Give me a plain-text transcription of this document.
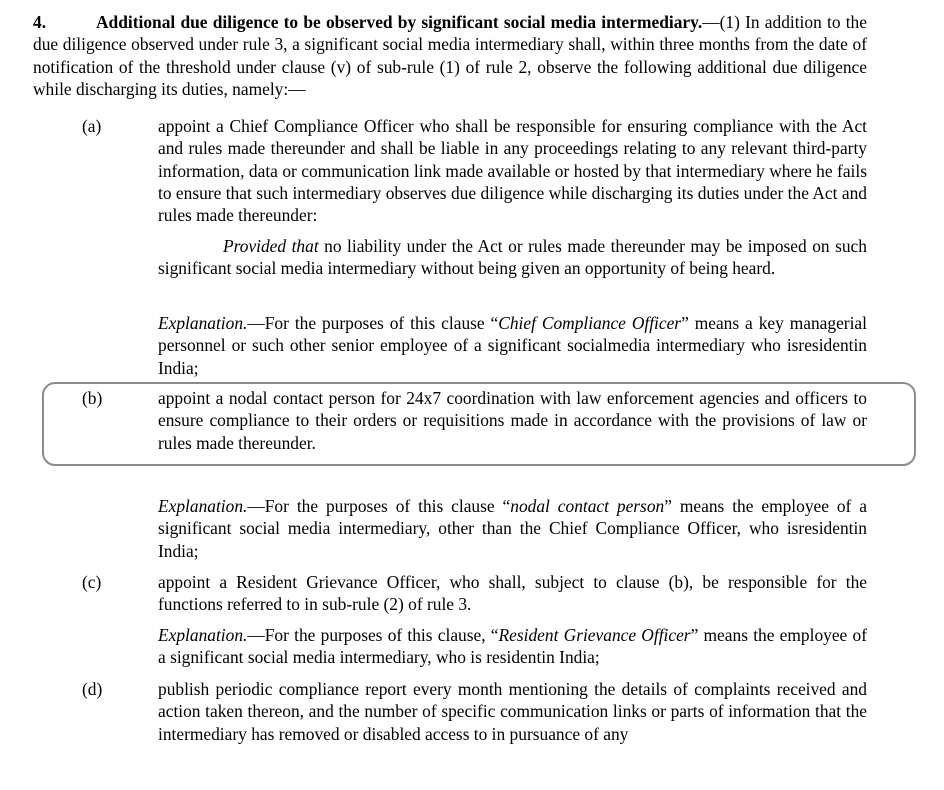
4.	Additional due diligence to be observed by significant social media intermediary.—(1) In addition to the due diligence observed under rule 3, a significant social media intermediary shall, within three months from the date of notification of the threshold under clause (v) of sub-rule (1) of rule 2, observe the following additional due diligence while discharging its duties, namely:—
(a)	appoint a Chief Compliance Officer who shall be responsible for ensuring compliance with the Act and rules made thereunder and shall be liable in any proceedings relating to any relevant third-party information, data or communication link made available or hosted by that intermediary where he fails to ensure that such intermediary observes due diligence while discharging its duties under the Act and rules made thereunder:
Provided that no liability under the Act or rules made thereunder may be imposed on such significant social media intermediary without being given an opportunity of being heard.
Explanation.—For the purposes of this clause “Chief Compliance Officer” means a key managerial personnel or such other senior employee of a significant socialmedia intermediary who isresidentin India;
(b)	appoint a nodal contact person for 24x7 coordination with law enforcement agencies and officers to ensure compliance to their orders or requisitions made in accordance with the provisions of law or rules made thereunder.
Explanation.—For the purposes of this clause “nodal contact person” means the employee of a significant social media intermediary, other than the Chief Compliance Officer, who isresidentin India;
(c)	appoint a Resident Grievance Officer, who shall, subject to clause (b), be responsible for the functions referred to in sub-rule (2) of rule 3.
Explanation.—For the purposes of this clause, “Resident Grievance Officer” means the employee of a significant social media intermediary, who is residentin India;
(d)	publish periodic compliance report every month mentioning the details of complaints received and action taken thereon, and the number of specific communication links or parts of information that the intermediary has removed or disabled access to in pursuance of any
